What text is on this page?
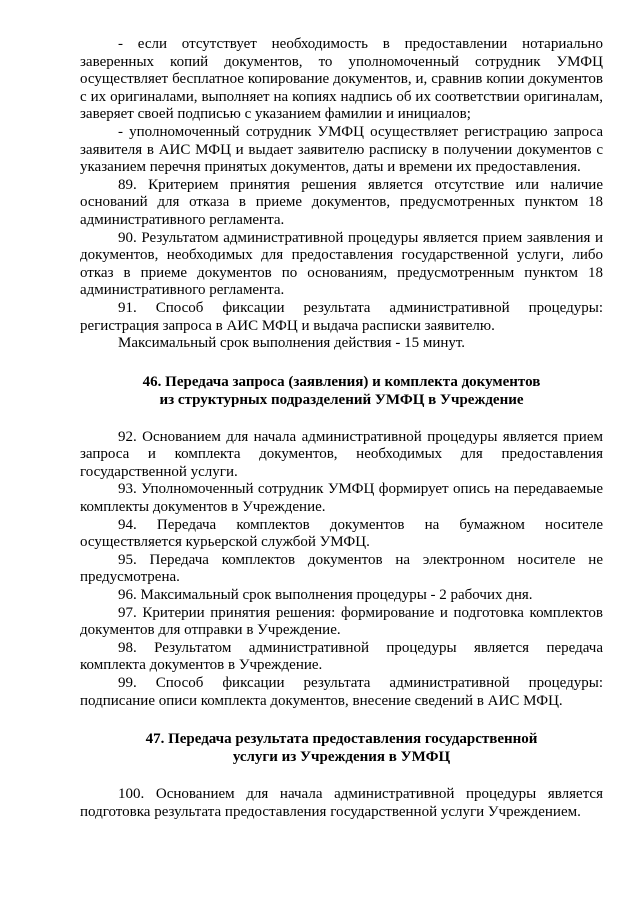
- если отсутствует необходимость в предоставлении нотариально заверенных копий документов, то уполномоченный сотрудник УМФЦ осуществляет бесплатное копирование документов, и, сравнив копии документов с их оригиналами, выполняет на копиях надпись об их соответствии оригиналам, заверяет своей подписью с указанием фамилии и инициалов;

- уполномоченный сотрудник УМФЦ осуществляет регистрацию запроса заявителя в АИС МФЦ и выдает заявителю расписку в получении документов с указанием перечня принятых документов, даты и времени их предоставления.

89. Критерием принятия решения является отсутствие или наличие оснований для отказа в приеме документов, предусмотренных пунктом 18 административного регламента.

90. Результатом административной процедуры является прием заявления и документов, необходимых для предоставления государственной услуги, либо отказ в приеме документов по основаниям, предусмотренным пунктом 18 административного регламента.

91. Способ фиксации результата административной процедуры: регистрация запроса в АИС МФЦ и выдача расписки заявителю.

Максимальный срок выполнения действия - 15 минут.

46. Передача запроса (заявления) и комплекта документов
из структурных подразделений УМФЦ в Учреждение

92. Основанием для начала административной процедуры является прием запроса и комплекта документов, необходимых для предоставления государственной услуги.

93. Уполномоченный сотрудник УМФЦ формирует опись на передаваемые комплекты документов в Учреждение.

94. Передача комплектов документов на бумажном носителе осуществляется курьерской службой УМФЦ.

95. Передача комплектов документов на электронном носителе не предусмотрена.

96. Максимальный срок выполнения процедуры - 2 рабочих дня.

97. Критерии принятия решения: формирование и подготовка комплектов документов для отправки в Учреждение.

98. Результатом административной процедуры является передача комплекта документов в Учреждение.

99. Способ фиксации результата административной процедуры: подписание описи комплекта документов, внесение сведений в АИС МФЦ.

47. Передача результата предоставления государственной
услуги из Учреждения в УМФЦ

100. Основанием для начала административной процедуры является подготовка результата предоставления государственной услуги Учреждением.
